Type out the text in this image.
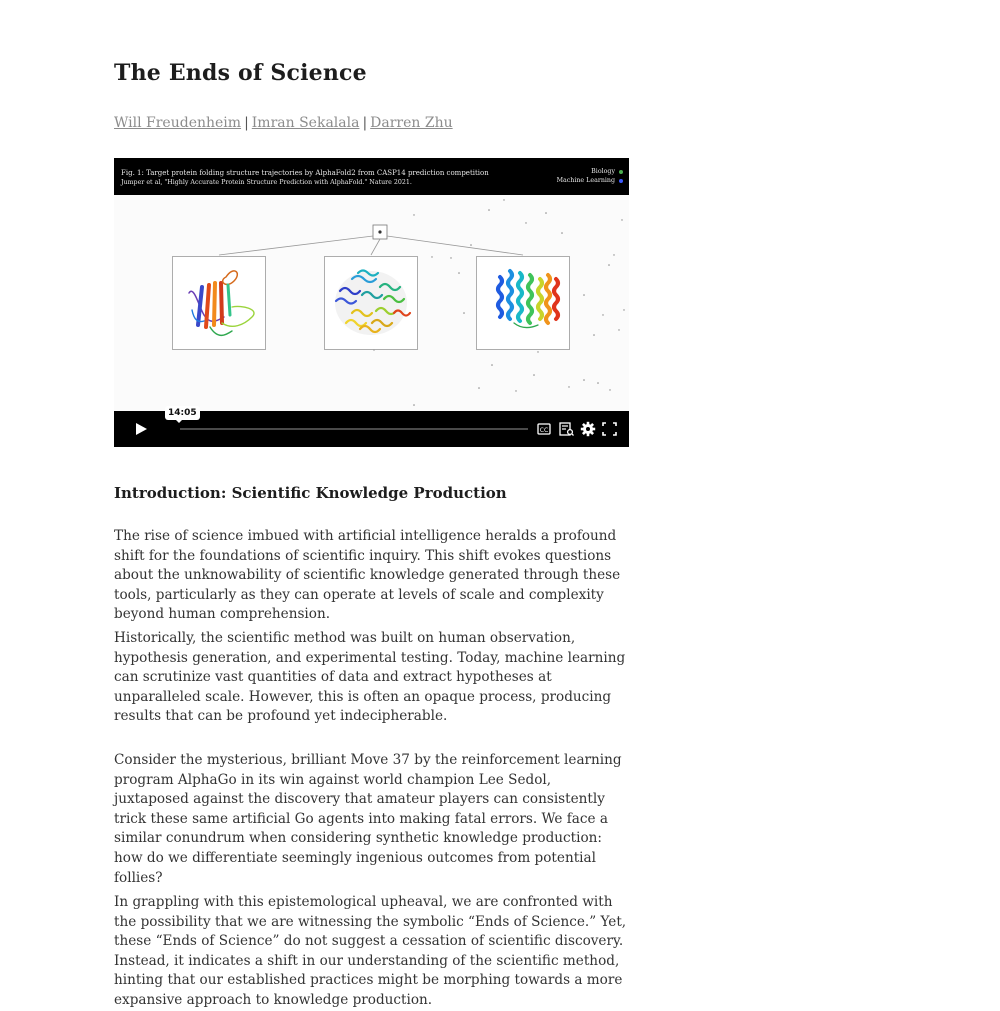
The Ends of Science
Will Freudenheim | Imran Sekalala | Darren Zhu
Fig. 1: Target protein folding structure trajectories by AlphaFold2 from CASP14 prediction competition
Jumper et al, "Highly Accurate Protein Structure Prediction with AlphaFold." Nature 2021.
Biology
Machine Learning
CC
14:05
Introduction: Scientific Knowledge Production

The rise of science imbued with artificial intelligence heralds a profound shift for the foundations of scientific inquiry. This shift evokes questions about the unknowability of scientific knowledge generated through these tools, particularly as they can operate at levels of scale and complexity beyond human comprehension.

Historically, the scientific method was built on human observation, hypothesis generation, and experimental testing. Today, machine learning can scrutinize vast quantities of data and extract hypotheses at unparalleled scale. However, this is often an opaque process, producing results that can be profound yet indecipherable.

Consider the mysterious, brilliant Move 37 by the reinforcement learning program AlphaGo in its win against world champion Lee Sedol, juxtaposed against the discovery that amateur players can consistently trick these same artificial Go agents into making fatal errors. We face a similar conundrum when considering synthetic knowledge production: how do we differentiate seemingly ingenious outcomes from potential follies?

In grappling with this epistemological upheaval, we are confronted with the possibility that we are witnessing the symbolic “Ends of Science.” Yet, these “Ends of Science” do not suggest a cessation of scientific discovery. Instead, it indicates a shift in our understanding of the scientific method, hinting that our established practices might be morphing towards a more expansive approach to knowledge production.
